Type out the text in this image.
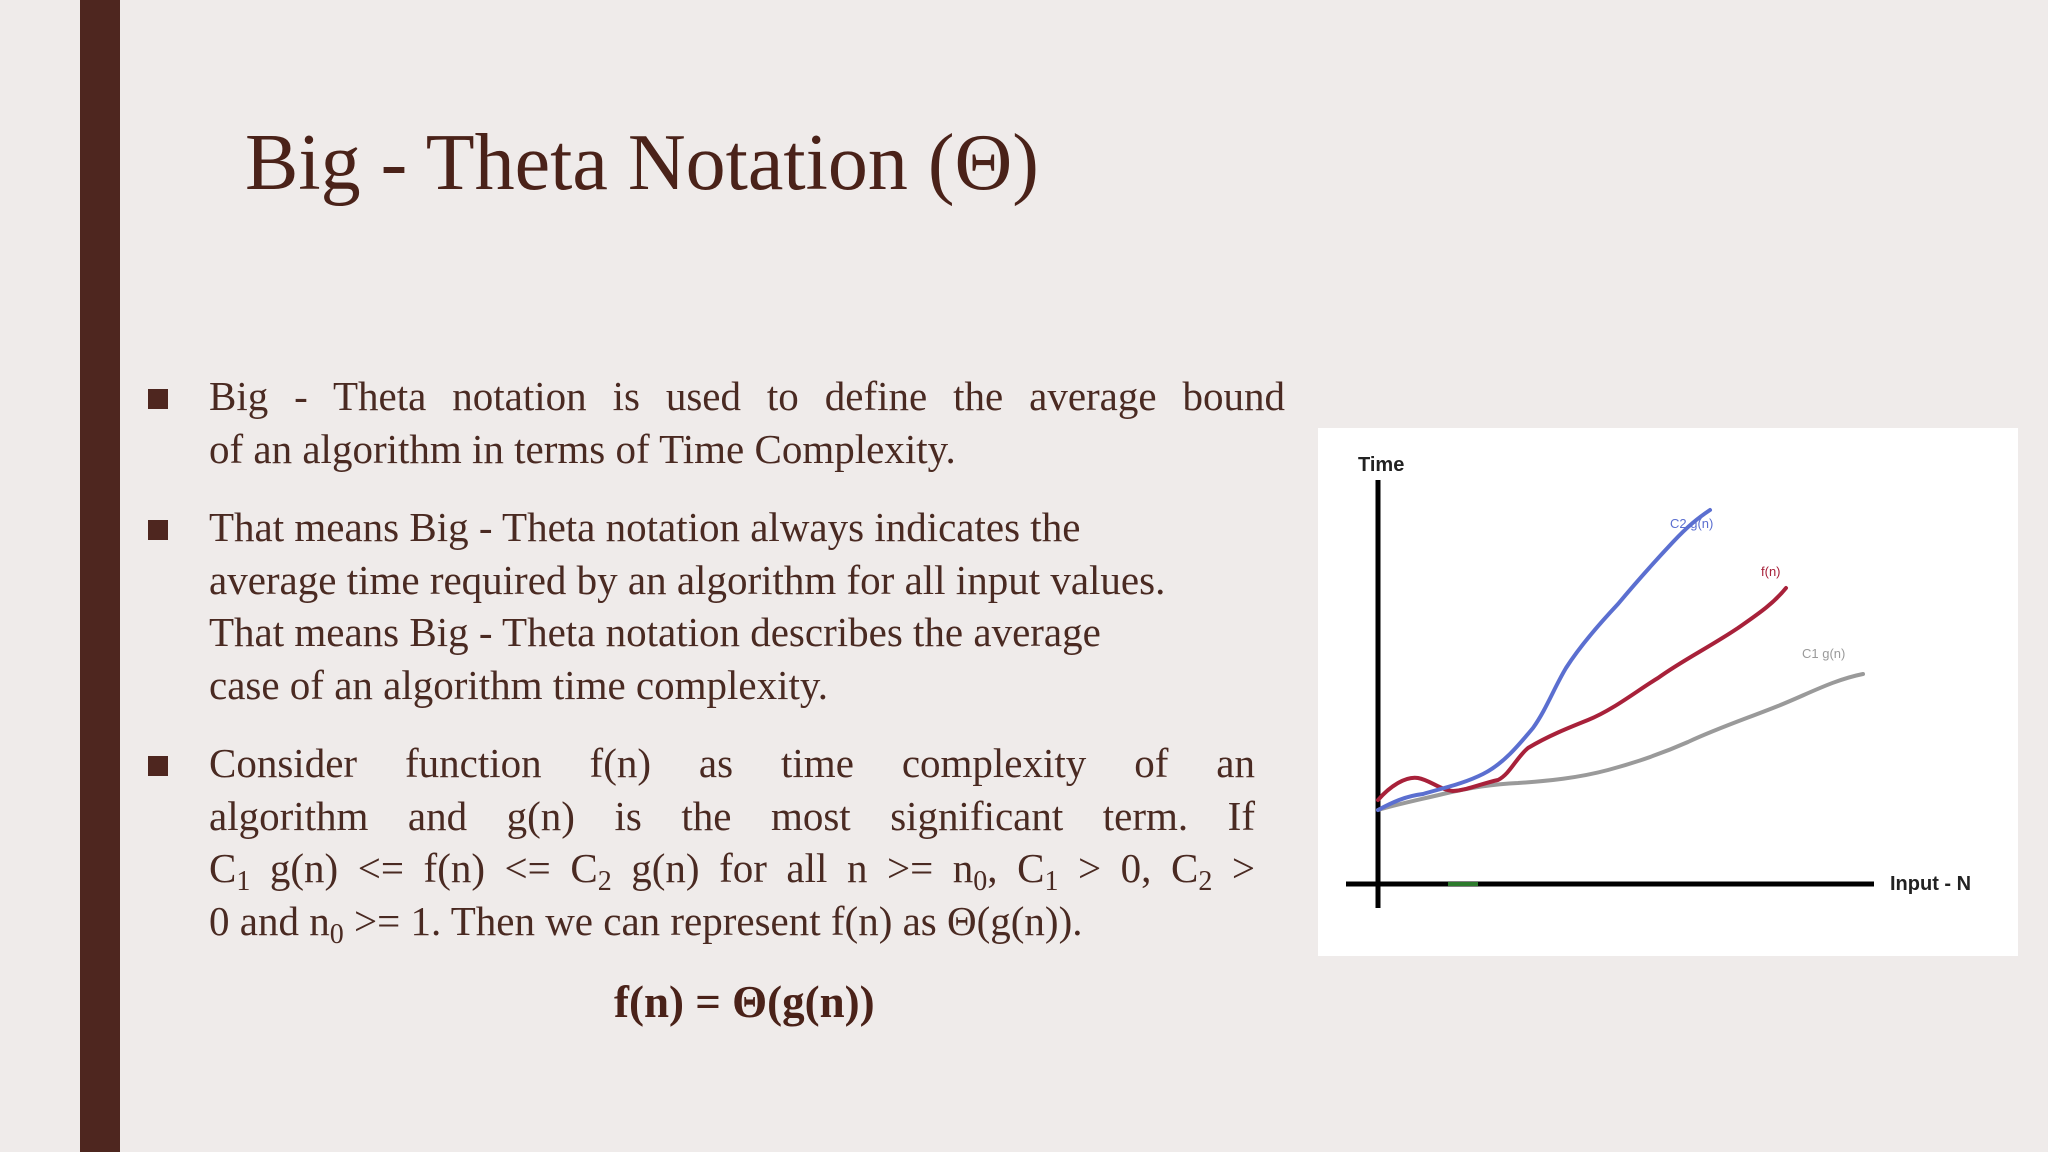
Big - Theta Notation (Θ)
Big - Theta notation is used to define the average bound
of an algorithm in terms of Time Complexity.
That means Big - Theta notation always indicates the
average time required by an algorithm for all input values.
That means Big - Theta notation describes the average
case of an algorithm time complexity.
Consider function f(n) as time complexity of an
algorithm and g(n) is the most significant term. If
$C_1$ $g(n) <= f(n) <= C_2$ g(n) for all $n >= n_0$, $C_1 > 0$, $C_2$ >
0 and $n_0 >= 1$. Then we can represent f(n) as Θ(g(n)).
f(n) = Θ(g(n))
Time
Input - N
C2 g(n)
f(n)
C1 g(n)
